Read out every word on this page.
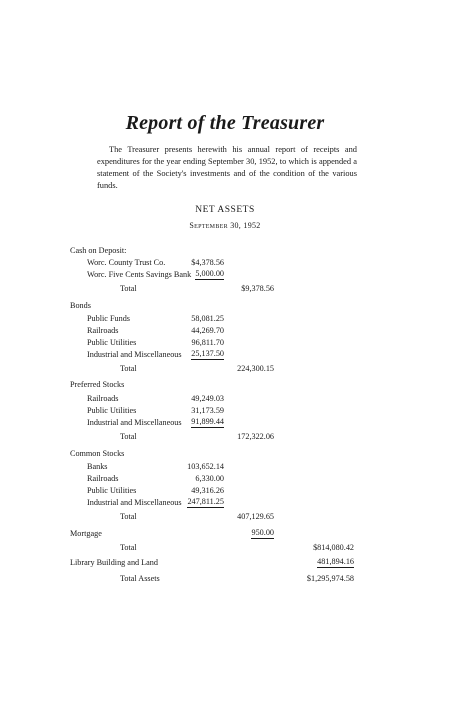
Report of the Treasurer
The Treasurer presents herewith his annual report of receipts and expenditures for the year ending September 30, 1952, to which is appended a statement of the Society's investments and of the condition of the various funds.
NET ASSETS
September 30, 1952
Cash on Deposit:
Worc. County Trust Co.	$4,378.56
Worc. Five Cents Savings Bank 5,000.00
Total	$9,378.56
Bonds
Public Funds	58,081.25
Railroads	44,269.70
Public Utilities	96,811.70
Industrial and Miscellaneous 25,137.50
Total	224,300.15
Preferred Stocks
Railroads	49,249.03
Public Utilities	31,173.59
Industrial and Miscellaneous 91,899.44
Total	172,322.06
Common Stocks
Banks	103,652.14
Railroads	6,330.00
Public Utilities	49,316.26
Industrial and Miscellaneous 247,811.25
Total	407,129.65
Mortgage	950.00
Total	$814,080.42
Library Building and Land	481,894.16
Total Assets	$1,295,974.58
